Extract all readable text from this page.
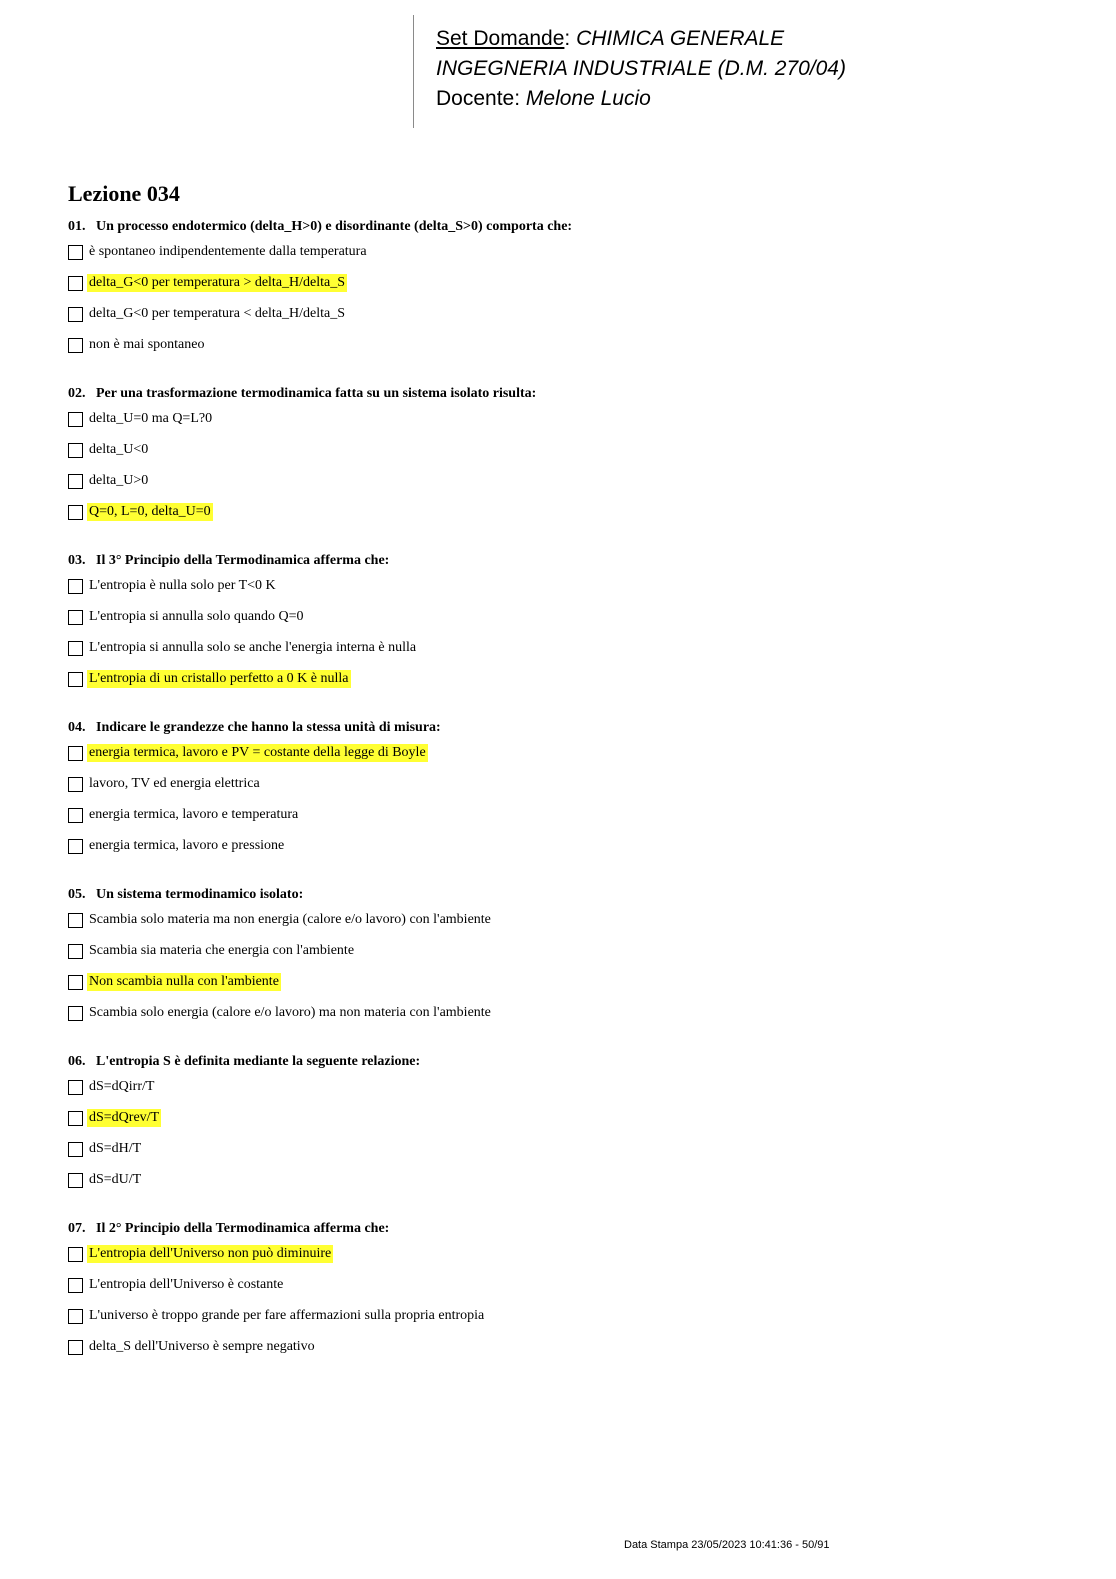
Set Domande: CHIMICA GENERALE
INGEGNERIA INDUSTRIALE (D.M. 270/04)
Docente: Melone Lucio
Lezione 034
01. Un processo endotermico (delta_H>0) e disordinante (delta_S>0) comporta che:
è spontaneo indipendentemente dalla temperatura
delta_G<0 per temperatura > delta_H/delta_S
delta_G<0 per temperatura < delta_H/delta_S
non è mai spontaneo
02. Per una trasformazione termodinamica fatta su un sistema isolato risulta:
delta_U=0 ma Q=L?0
delta_U<0
delta_U>0
Q=0, L=0, delta_U=0
03. Il 3° Principio della Termodinamica afferma che:
L'entropia è nulla solo per T<0 K
L'entropia si annulla solo quando Q=0
L'entropia si annulla solo se anche l'energia interna è nulla
L'entropia di un cristallo perfetto a 0 K è nulla
04. Indicare le grandezze che hanno la stessa unità di misura:
energia termica, lavoro e PV = costante della legge di Boyle
lavoro, TV ed energia elettrica
energia termica, lavoro e temperatura
energia termica, lavoro e pressione
05. Un sistema termodinamico isolato:
Scambia solo materia ma non energia (calore e/o lavoro) con l'ambiente
Scambia sia materia che energia con l'ambiente
Non scambia nulla con l'ambiente
Scambia solo energia (calore e/o lavoro) ma non materia con l'ambiente
06. L'entropia S è definita mediante la seguente relazione:
dS=dQirr/T
dS=dQrev/T
dS=dH/T
dS=dU/T
07. Il 2° Principio della Termodinamica afferma che:
L'entropia dell'Universo non può diminuire
L'entropia dell'Universo è costante
L'universo è troppo grande per fare affermazioni sulla propria entropia
delta_S dell'Universo è sempre negativo
Data Stampa 23/05/2023 10:41:36 - 50/91
